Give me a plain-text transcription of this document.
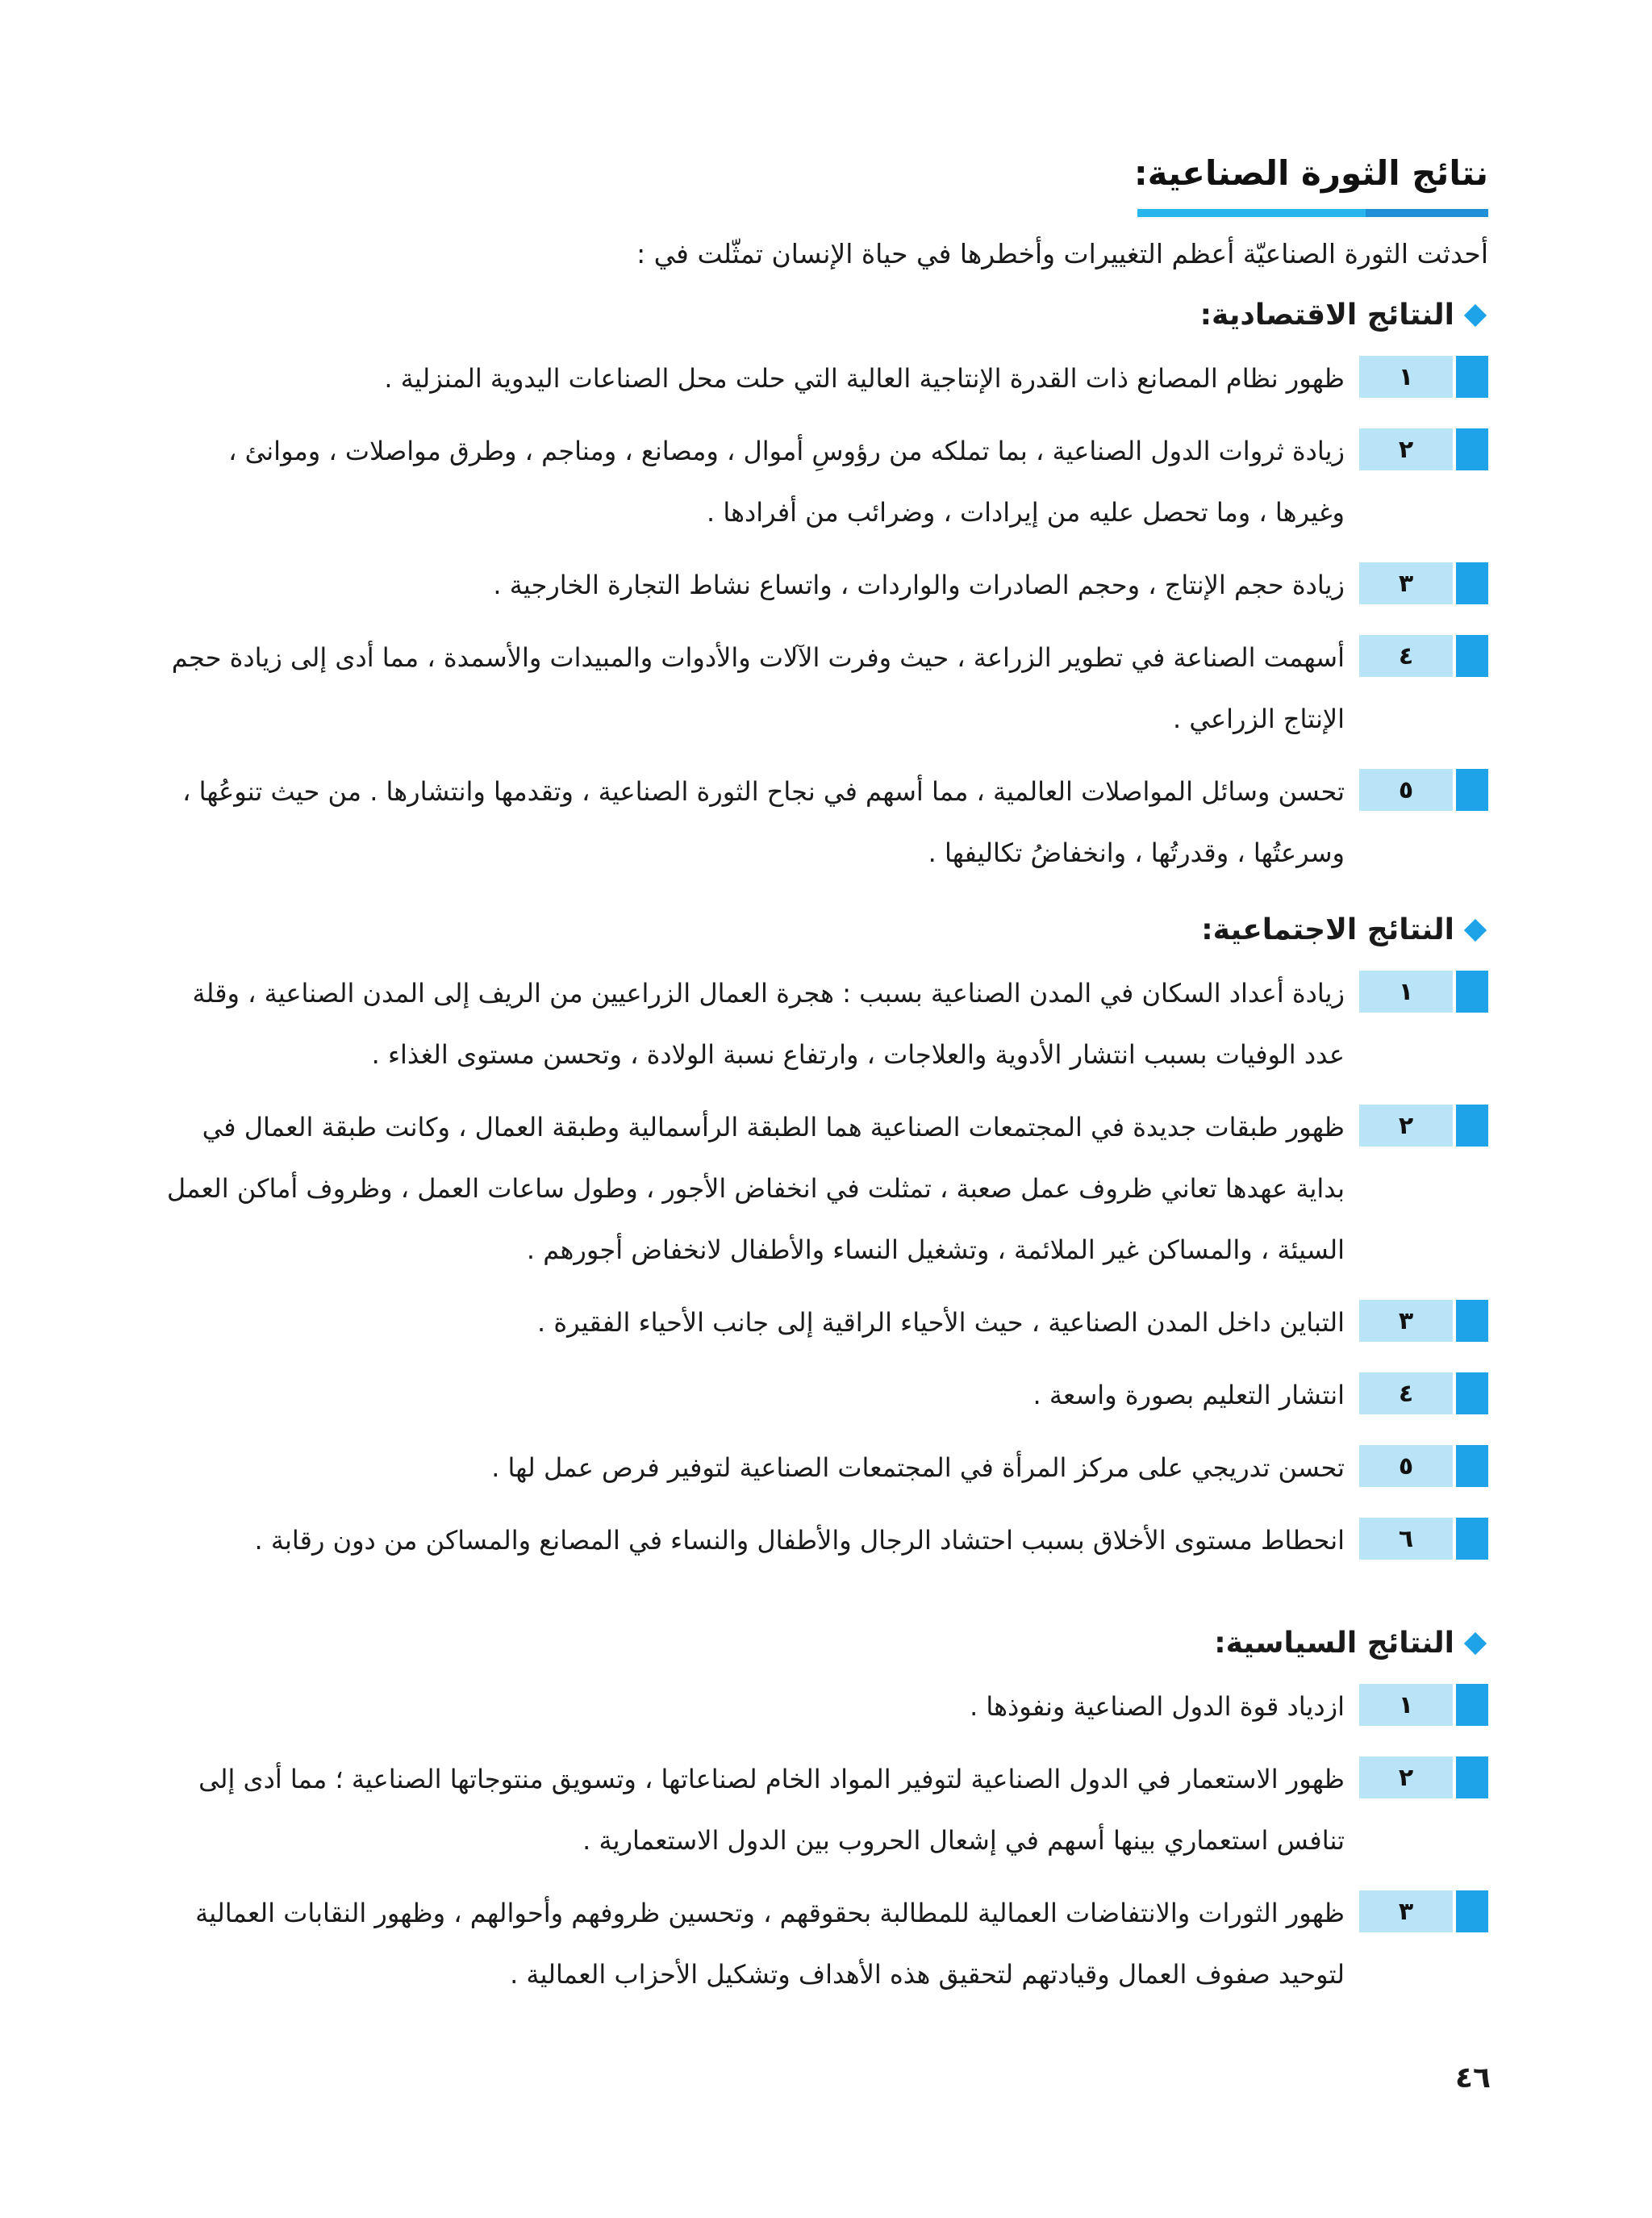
نتائج الثورة الصناعية:
أحدثت الثورة الصناعيّة أعظم التغييرات وأخطرها في حياة الإنسان تمثّلت في :
النتائج الاقتصادية:
١
ظهور نظام المصانع ذات القدرة الإنتاجية العالية التي حلت محل الصناعات اليدوية المنزلية .
٢
زيادة ثروات الدول الصناعية ، بما تملكه من رؤوسِ أموال ، ومصانع ، ومناجم ، وطرق مواصلات ، وموانئ ، وغيرها ، وما تحصل عليه من إيرادات ، وضرائب من أفرادها .
٣
زيادة حجم الإنتاج ، وحجم الصادرات والواردات ، واتساع نشاط التجارة الخارجية .
٤
أسهمت الصناعة في تطوير الزراعة ، حيث وفرت الآلات والأدوات والمبيدات والأسمدة ، مما أدى إلى زيادة حجم الإنتاج الزراعي .
٥
تحسن وسائل المواصلات العالمية ، مما أسهم في نجاح الثورة الصناعية ، وتقدمها وانتشارها . من حيث تنوعُها ، وسرعتُها ، وقدرتُها ، وانخفاضُ تكاليفها .
النتائج الاجتماعية:
١
زيادة أعداد السكان في المدن الصناعية بسبب : هجرة العمال الزراعيين من الريف إلى المدن الصناعية ، وقلة عدد الوفيات بسبب انتشار الأدوية والعلاجات ، وارتفاع نسبة الولادة ، وتحسن مستوى الغذاء .
٢
ظهور طبقات جديدة في المجتمعات الصناعية هما الطبقة الرأسمالية وطبقة العمال ، وكانت طبقة العمال في بداية عهدها تعاني ظروف عمل صعبة ، تمثلت في انخفاض الأجور ، وطول ساعات العمل ، وظروف أماكن العمل السيئة ، والمساكن غير الملائمة ، وتشغيل النساء والأطفال لانخفاض أجورهم .
٣
التباين داخل المدن الصناعية ، حيث الأحياء الراقية إلى جانب الأحياء الفقيرة .
٤
انتشار التعليم بصورة واسعة .
٥
تحسن تدريجي على مركز المرأة في المجتمعات الصناعية لتوفير فرص عمل لها .
٦
انحطاط مستوى الأخلاق بسبب احتشاد الرجال والأطفال والنساء في المصانع والمساكن من دون رقابة .
النتائج السياسية:
١
ازدياد قوة الدول الصناعية ونفوذها .
٢
ظهور الاستعمار في الدول الصناعية لتوفير المواد الخام لصناعاتها ، وتسويق منتوجاتها الصناعية ؛ مما أدى إلى تنافس استعماري بينها أسهم في إشعال الحروب بين الدول الاستعمارية .
٣
ظهور الثورات والانتفاضات العمالية للمطالبة بحقوقهم ، وتحسين ظروفهم وأحوالهم ، وظهور النقابات العمالية لتوحيد صفوف العمال وقيادتهم لتحقيق هذه الأهداف وتشكيل الأحزاب العمالية .
٤٦
